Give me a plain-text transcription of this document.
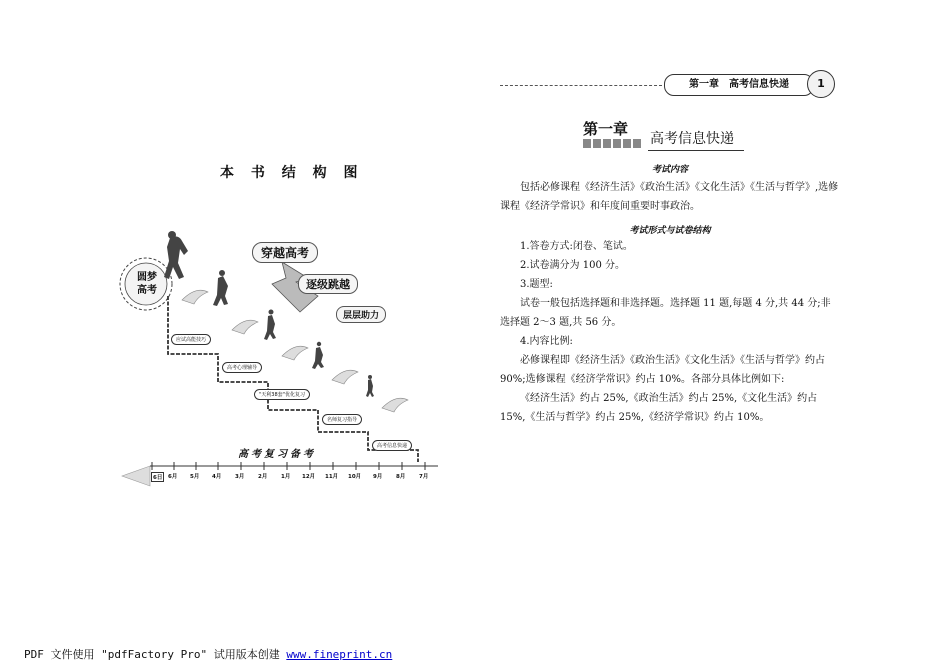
本 书 结 构 图
圆梦
高考
穿越高考
逐级跳越
层层助力
应试高能技巧
高考心理辅导
"天利38套"优化复习
名师复习指导
高考信息快递
高考复习备考
6日	6月 5月 4月 3月 2月 1月 12月 11月 10月 9月 8月 7月
第一章　高考信息快递	1
第一章
高考信息快递
考试内容

包括必修课程《经济生活》《政治生活》《文化生活》《生活与哲学》,选修课程《经济学常识》和年度间重要时事政治。

考试形式与试卷结构

1.答卷方式:闭卷、笔试。

2.试卷满分为 100 分。

3.题型:

试卷一般包括选择题和非选择题。选择题 11 题,每题 4 分,共 44 分;非选择题 2～3 题,共 56 分。

4.内容比例:

必修课程即《经济生活》《政治生活》《文化生活》《生活与哲学》约占 90%;选修课程《经济学常识》约占 10%。各部分具体比例如下:

《经济生活》约占 25%,《政治生活》约占 25%,《文化生活》约占 15%,《生活与哲学》约占 25%,《经济学常识》约占 10%。

PDF 文件使用 "pdfFactory Pro" 试用版本创建 www.fineprint.cn
